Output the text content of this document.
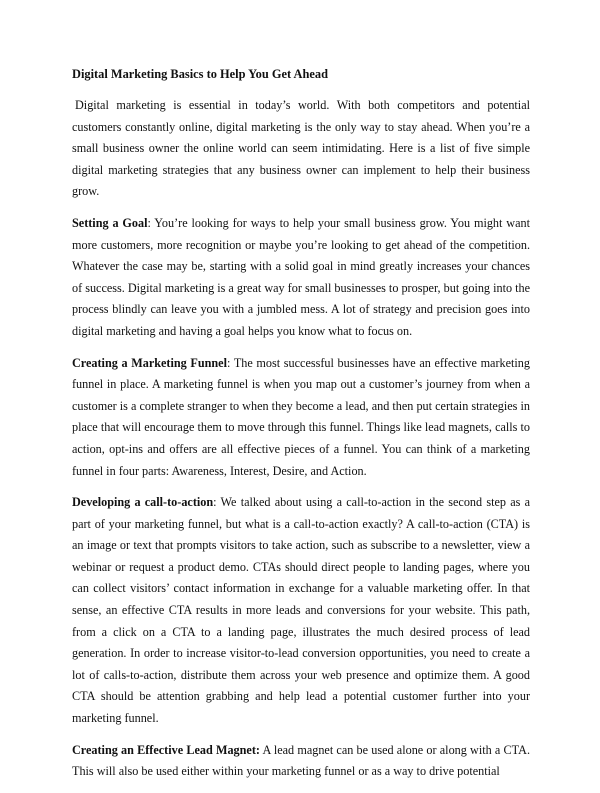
Digital Marketing Basics to Help You Get Ahead

Digital marketing is essential in today’s world. With both competitors and potential customers constantly online, digital marketing is the only way to stay ahead. When you’re a small business owner the online world can seem intimidating. Here is a list of five simple digital marketing strategies that any business owner can implement to help their business grow.

Setting a Goal: You’re looking for ways to help your small business grow. You might want more customers, more recognition or maybe you’re looking to get ahead of the competition. Whatever the case may be, starting with a solid goal in mind greatly increases your chances of success. Digital marketing is a great way for small businesses to prosper, but going into the process blindly can leave you with a jumbled mess. A lot of strategy and precision goes into digital marketing and having a goal helps you know what to focus on.

Creating a Marketing Funnel: The most successful businesses have an effective marketing funnel in place. A marketing funnel is when you map out a customer’s journey from when a customer is a complete stranger to when they become a lead, and then put certain strategies in place that will encourage them to move through this funnel. Things like lead magnets, calls to action, opt-ins and offers are all effective pieces of a funnel. You can think of a marketing funnel in four parts: Awareness, Interest, Desire, and Action.

Developing a call-to-action: We talked about using a call-to-action in the second step as a part of your marketing funnel, but what is a call-to-action exactly? A call-to-action (CTA) is an image or text that prompts visitors to take action, such as subscribe to a newsletter, view a webinar or request a product demo. CTAs should direct people to landing pages, where you can collect visitors’ contact information in exchange for a valuable marketing offer. In that sense, an effective CTA results in more leads and conversions for your website. This path, from a click on a CTA to a landing page, illustrates the much desired process of lead generation. In order to increase visitor-to-lead conversion opportunities, you need to create a lot of calls-to-action, distribute them across your web presence and optimize them. A good CTA should be attention grabbing and help lead a potential customer further into your marketing funnel.

Creating an Effective Lead Magnet: A lead magnet can be used alone or along with a CTA. This will also be used either within your marketing funnel or as a way to drive potential
